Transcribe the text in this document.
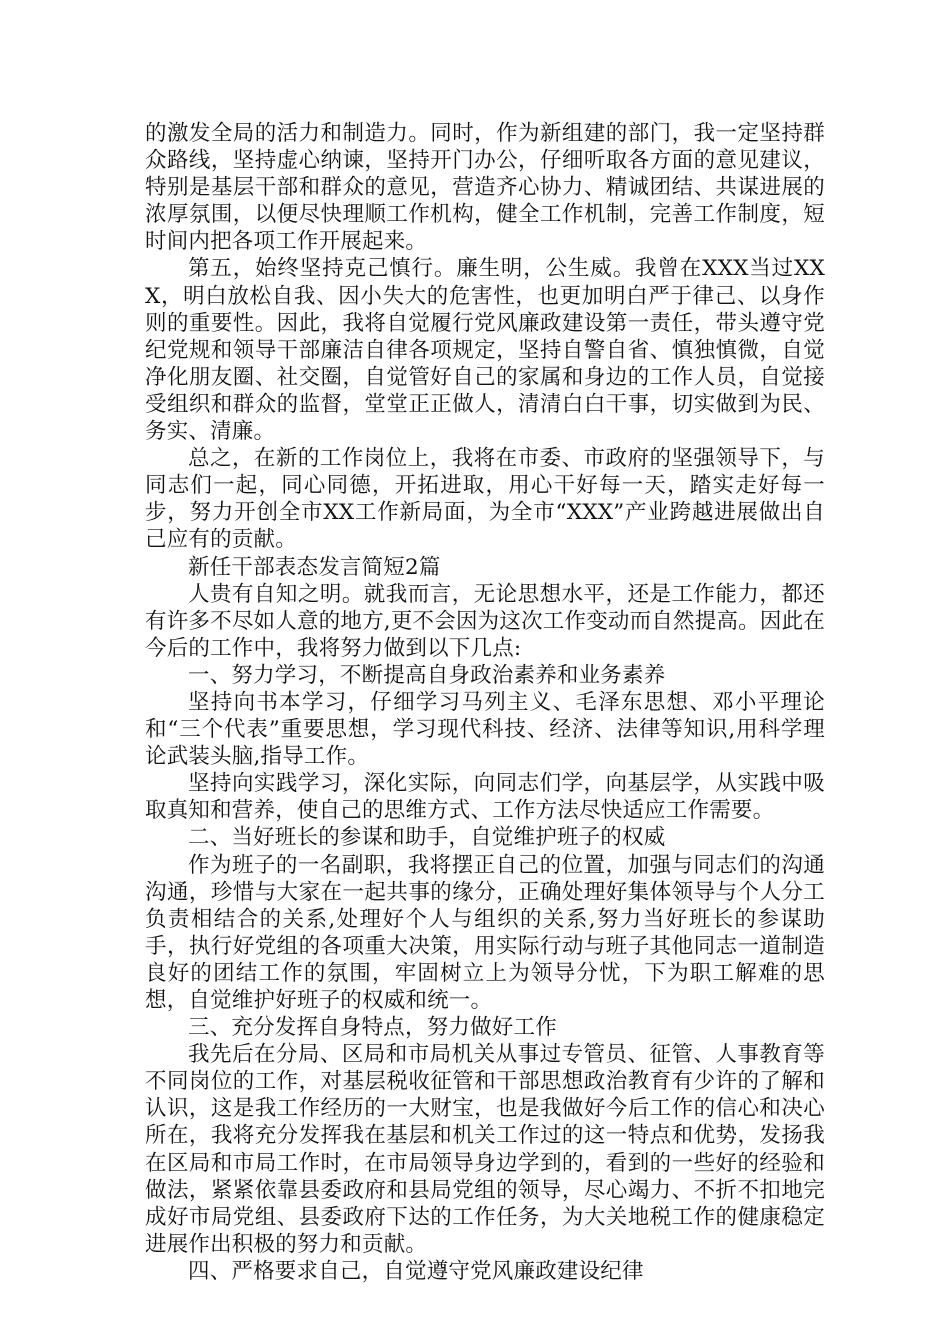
的激发全局的活力和制造力。同时，作为新组建的部门，我一定坚持群众路线，坚持虚心纳谏，坚持开门办公，仔细听取各方面的意见建议，特别是基层干部和群众的意见，营造齐心协力、精诚团结、共谋进展的浓厚氛围，以便尽快理顺工作机构，健全工作机制，完善工作制度，短时间内把各项工作开展起来。

第五，始终坚持克己慎行。廉生明，公生威。我曾在XXX当过XXX，明白放松自我、因小失大的危害性，也更加明白严于律己、以身作则的重要性。因此，我将自觉履行党风廉政建设第一责任，带头遵守党纪党规和领导干部廉洁自律各项规定，坚持自警自省、慎独慎微，自觉净化朋友圈、社交圈，自觉管好自己的家属和身边的工作人员，自觉接受组织和群众的监督，堂堂正正做人，清清白白干事，切实做到为民、务实、清廉。

总之，在新的工作岗位上，我将在市委、市政府的坚强领导下，与同志们一起，同心同德，开拓进取，用心干好每一天，踏实走好每一步，努力开创全市XX工作新局面，为全市“XXX”产业跨越进展做出自己应有的贡献。

新任干部表态发言简短2篇

人贵有自知之明。就我而言，无论思想水平，还是工作能力，都还有许多不尽如人意的地方,更不会因为这次工作变动而自然提高。因此在今后的工作中，我将努力做到以下几点:

一、努力学习，不断提高自身政治素养和业务素养

坚持向书本学习，仔细学习马列主义、毛泽东思想、邓小平理论和“三个代表”重要思想，学习现代科技、经济、法律等知识,用科学理论武装头脑,指导工作。

坚持向实践学习，深化实际，向同志们学，向基层学，从实践中吸取真知和营养，使自己的思维方式、工作方法尽快适应工作需要。

二、当好班长的参谋和助手，自觉维护班子的权威

作为班子的一名副职，我将摆正自己的位置，加强与同志们的沟通沟通，珍惜与大家在一起共事的缘分，正确处理好集体领导与个人分工负责相结合的关系,处理好个人与组织的关系,努力当好班长的参谋助手，执行好党组的各项重大决策，用实际行动与班子其他同志一道制造良好的团结工作的氛围，牢固树立上为领导分忧，下为职工解难的思想，自觉维护好班子的权威和统一。

三、充分发挥自身特点，努力做好工作

我先后在分局、区局和市局机关从事过专管员、征管、人事教育等不同岗位的工作，对基层税收征管和干部思想政治教育有少许的了解和认识，这是我工作经历的一大财宝，也是我做好今后工作的信心和决心所在，我将充分发挥我在基层和机关工作过的这一特点和优势，发扬我在区局和市局工作时，在市局领导身边学到的，看到的一些好的经验和做法，紧紧依靠县委政府和县局党组的领导，尽心竭力、不折不扣地完成好市局党组、县委政府下达的工作任务，为大关地税工作的健康稳定进展作出积极的努力和贡献。

四、严格要求自己，自觉遵守党风廉政建设纪律
